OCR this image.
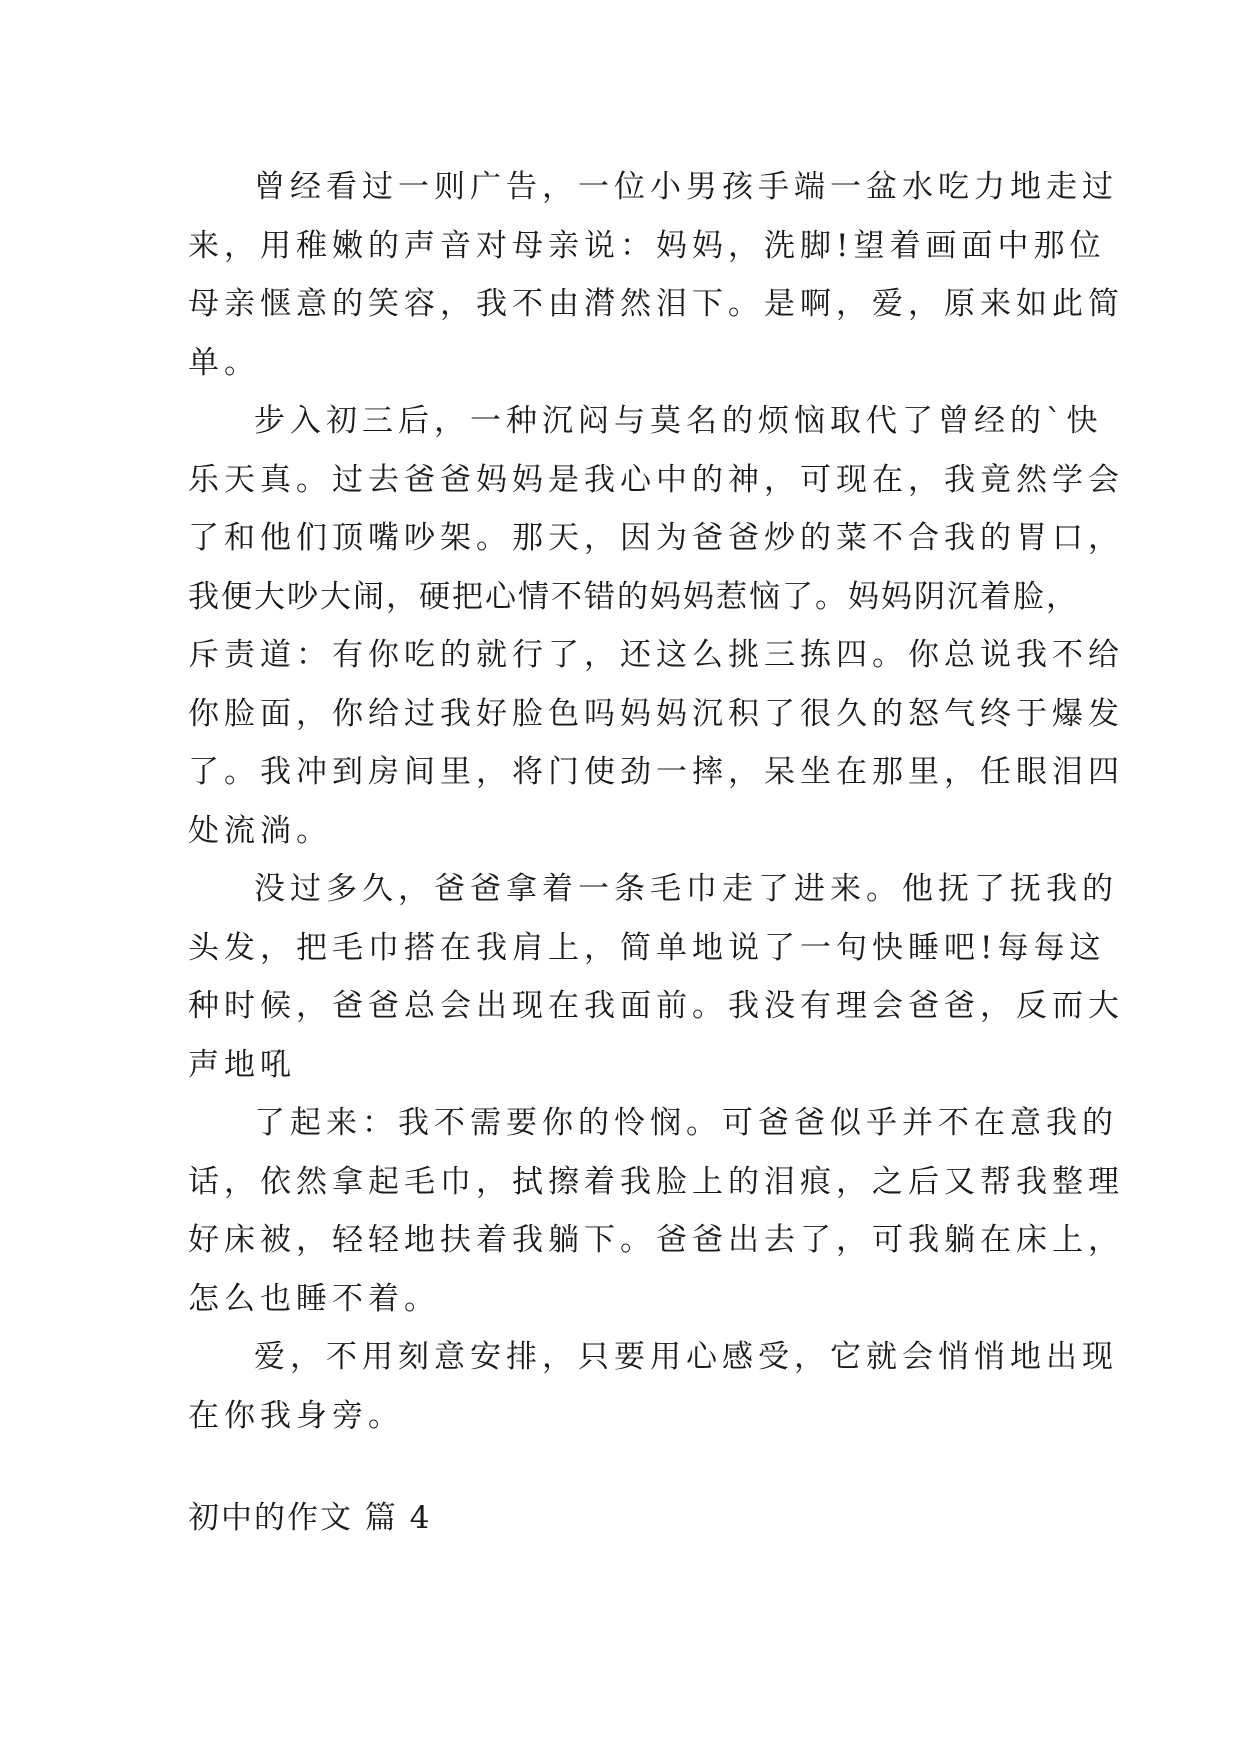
曾经看过一则广告，一位小男孩手端一盆水吃力地走过
来，用稚嫩的声音对母亲说：妈妈，洗脚!望着画面中那位
母亲惬意的笑容，我不由潸然泪下。是啊，爱，原来如此简
单。

步入初三后，一种沉闷与莫名的烦恼取代了曾经的`快
乐天真。过去爸爸妈妈是我心中的神，可现在，我竟然学会
了和他们顶嘴吵架。那天，因为爸爸炒的菜不合我的胃口，
我便大吵大闹，硬把心情不错的妈妈惹恼了。妈妈阴沉着脸，
斥责道：有你吃的就行了，还这么挑三拣四。你总说我不给
你脸面，你给过我好脸色吗妈妈沉积了很久的怒气终于爆发
了。我冲到房间里，将门使劲一摔，呆坐在那里，任眼泪四
处流淌。

没过多久，爸爸拿着一条毛巾走了进来。他抚了抚我的
头发，把毛巾搭在我肩上，简单地说了一句快睡吧!每每这
种时候，爸爸总会出现在我面前。我没有理会爸爸，反而大
声地吼

了起来：我不需要你的怜悯。可爸爸似乎并不在意我的
话，依然拿起毛巾，拭擦着我脸上的泪痕，之后又帮我整理
好床被，轻轻地扶着我躺下。爸爸出去了，可我躺在床上，
怎么也睡不着。

爱，不用刻意安排，只要用心感受，它就会悄悄地出现
在你我身旁。

初中的作文 篇 4
